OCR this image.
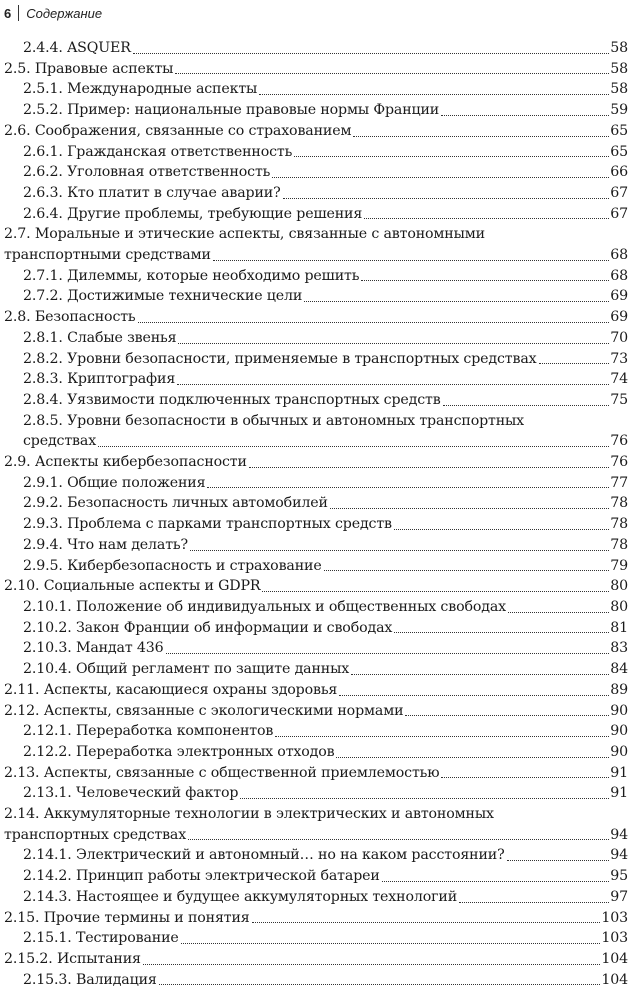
6 Содержание
2.4.4. ASQUER	58
2.5. Правовые аспекты	58
2.5.1. Международные аспекты	58
2.5.2. Пример: национальные правовые нормы Франции	59
2.6. Соображения, связанные со страхованием	65
2.6.1. Гражданская ответственность	65
2.6.2. Уголовная ответственность	66
2.6.3. Кто платит в случае аварии?	67
2.6.4. Другие проблемы, требующие решения	67
2.7. Моральные и этические аспекты, связанные с автономными
транспортными средствами	68
2.7.1. Дилеммы, которые необходимо решить	68
2.7.2. Достижимые технические цели	69
2.8. Безопасность	69
2.8.1. Слабые звенья	70
2.8.2. Уровни безопасности, применяемые в транспортных средствах	73
2.8.3. Криптография	74
2.8.4. Уязвимости подключенных транспортных средств	75
2.8.5. Уровни безопасности в обычных и автономных транспортных
средствах	76
2.9. Аспекты кибербезопасности	76
2.9.1. Общие положения	77
2.9.2. Безопасность личных автомобилей	78
2.9.3. Проблема с парками транспортных средств	78
2.9.4. Что нам делать?	78
2.9.5. Кибербезопасность и страхование	79
2.10. Социальные аспекты и GDPR	80
2.10.1. Положение об индивидуальных и общественных свободах	80
2.10.2. Закон Франции об информации и свободах	81
2.10.3. Мандат 436	83
2.10.4. Общий регламент по защите данных	84
2.11. Аспекты, касающиеся охраны здоровья	89
2.12. Аспекты, связанные с экологическими нормами	90
2.12.1. Переработка компонентов	90
2.12.2. Переработка электронных отходов	90
2.13. Аспекты, связанные с общественной приемлемостью	91
2.13.1. Человеческий фактор	91
2.14. Аккумуляторные технологии в электрических и автономных
транспортных средствах	94
2.14.1. Электрический и автономный… но на каком расстоянии?	94
2.14.2. Принцип работы электрической батареи	95
2.14.3. Настоящее и будущее аккумуляторных технологий	97
2.15. Прочие термины и понятия	103
2.15.1. Тестирование	103
2.15.2. Испытания	104
2.15.3. Валидация	104
